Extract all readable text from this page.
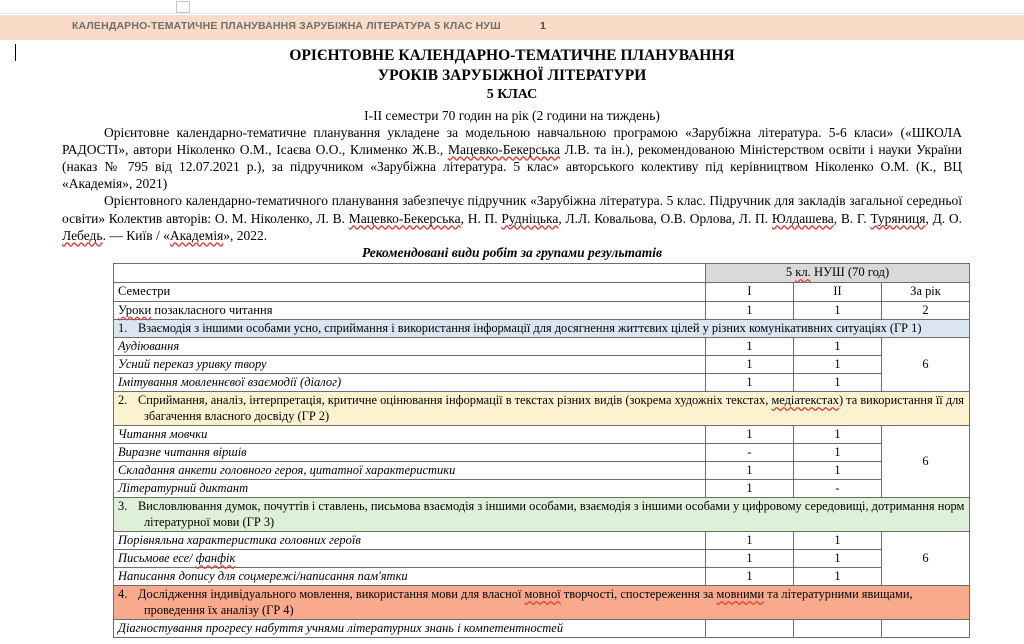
КАЛЕНДАРНО-ТЕМАТИЧНЕ ПЛАНУВАННЯ ЗАРУБІЖНА ЛІТЕРАТУРА 5 КЛАС НУШ	1
ОРІЄНТОВНЕ КАЛЕНДАРНО-ТЕМАТИЧНЕ ПЛАНУВАННЯ
УРОКІВ ЗАРУБІЖНОЇ ЛІТЕРАТУРИ
5 КЛАС
І-ІІ семестри 70 годин на рік (2 години на тиждень)

Орієнтовне календарно-тематичне планування укладене за модельною навчальною програмою «Зарубіжна література. 5-6 класи» («ШКОЛА РАДОСТІ», автори Ніколенко О.М., Ісаєва О.О., Клименко Ж.В., Мацевко-Бекерська Л.В. та ін.), рекомендованою Міністерством освіти і науки України (наказ № 795 від 12.07.2021 р.), за підручником «Зарубіжна література. 5 клас» авторського колективу під керівництвом Ніколенко О.М. (К., ВЦ «Академія», 2021)

Орієнтовного календарно-тематичного планування забезпечує підручник «Зарубіжна література. 5 клас. Підручник для закладів загальної середньої освіти» Колектив авторів: О. М. Ніколенко, Л. В. Мацевко-Бекерська, Н. П. Рудніцька, Л.Л. Ковальова, О.В. Орлова, Л. П. Юлдашева, В. Г. Туряниця, Д. О. Лебедь. — Київ / «Академія», 2022.

Рекомендовані види робіт за групами результатів
	5 кл. НУШ (70 год)		
Семестри	І	ІІ	За рік
Уроки позакласного читання	1	1	2

1. Взаємодія з іншими особами усно, сприймання і використання інформації для досягнення життєвих цілей у різних комунікативних ситуаціях (ГР 1)			

Аудіювання	1	1	6
Усний переказ уривку твору	1	1	
Імітування мовленнєвої взаємодії (діалог)	1	1	

2. Сприймання, аналіз, інтерпретація, критичне оцінювання інформації в текстах різних видів (зокрема художніх текстах, медіатекстах) та використання її для збагачення власного досвіду (ГР 2)			

Читання мовчки	1	1	6
Виразне читання віршів	-	1	
Складання анкети головного героя, цитатної характеристики	1	1	
Літературний диктант	1	-	

3. Висловлювання думок, почуттів і ставлень, письмова взаємодія з іншими особами, взаємодія з іншими особами у цифровому середовищі, дотримання норм літературної мови (ГР 3)			

Порівняльна характеристика головних героїв	1	1	6
Письмове есе/ фанфік	1	1	
Написання допису для соцмережі/написання пам'ятки	1	1	

4. Дослідження індивідуального мовлення, використання мови для власної мовної творчості, спостереження за мовними та літературними явищами, проведення їх аналізу (ГР 4)			

Діагностування прогресу набуття учнями літературних знань і компетентностей			
